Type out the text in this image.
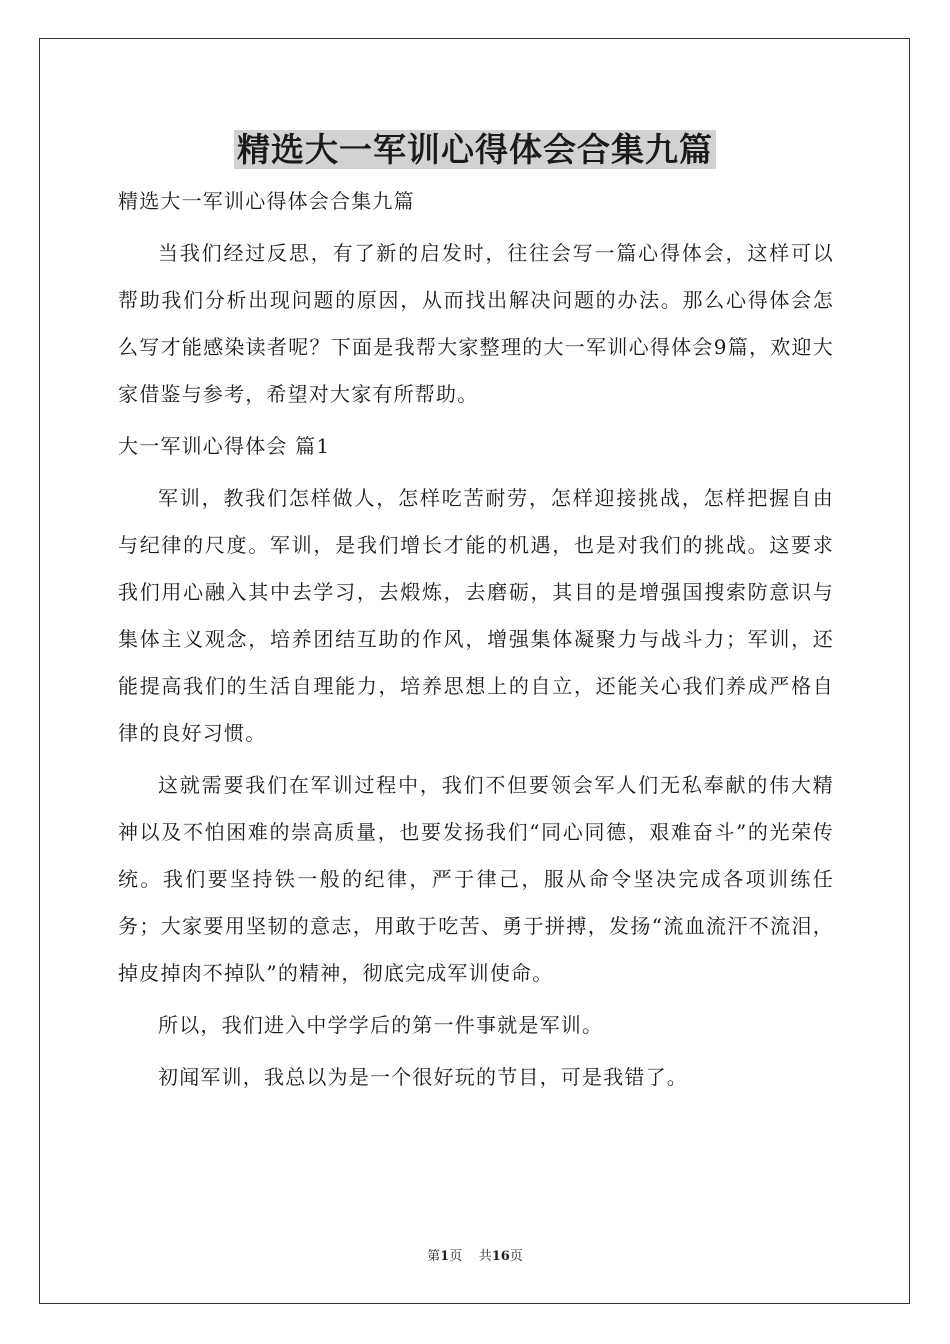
精选大一军训心得体会合集九篇

精选大一军训心得体会合集九篇

当我们经过反思，有了新的启发时，往往会写一篇心得体会，这样可以帮助我们分析出现问题的原因，从而找出解决问题的办法。那么心得体会怎么写才能感染读者呢？下面是我帮大家整理的大一军训心得体会9篇，欢迎大家借鉴与参考，希望对大家有所帮助。

大一军训心得体会 篇1

军训，教我们怎样做人，怎样吃苦耐劳，怎样迎接挑战，怎样把握自由与纪律的尺度。军训，是我们增长才能的机遇，也是对我们的挑战。这要求我们用心融入其中去学习，去煅炼，去磨砺，其目的是增强国搜索防意识与集体主义观念，培养团结互助的作风，增强集体凝聚力与战斗力；军训，还能提高我们的生活自理能力，培养思想上的自立，还能关心我们养成严格自律的良好习惯。

这就需要我们在军训过程中，我们不但要领会军人们无私奉献的伟大精神以及不怕困难的崇高质量，也要发扬我们“同心同德，艰难奋斗”的光荣传统。我们要坚持铁一般的纪律，严于律己，服从命令坚决完成各项训练任务；大家要用坚韧的意志，用敢于吃苦、勇于拼搏，发扬“流血流汗不流泪，掉皮掉肉不掉队”的精神，彻底完成军训使命。

所以，我们进入中学学后的第一件事就是军训。

初闻军训，我总以为是一个很好玩的节目，可是我错了。

第1页 共16页
